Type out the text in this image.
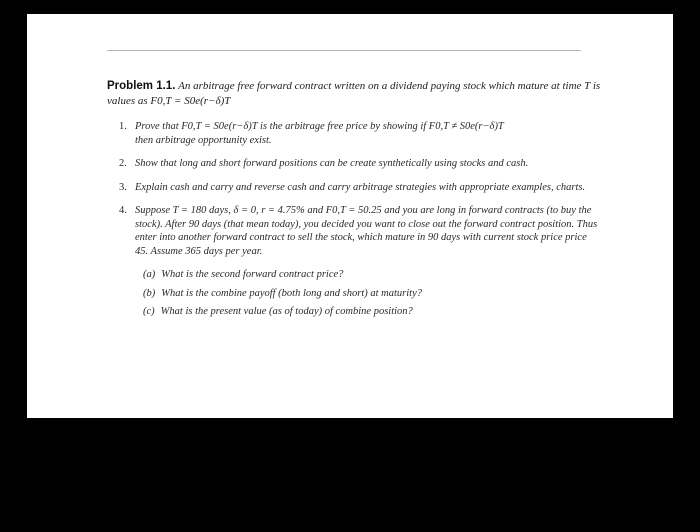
Problem 1.1. An arbitrage free forward contract written on a dividend paying stock which mature at time T is values as F0,T = S0e(r−δ)T
1. Prove that F0,T = S0e(r−δ)T is the arbitrage free price by showing if F0,T ≠ S0e(r−δ)T
then arbitrage opportunity exist.
2. Show that long and short forward positions can be create synthetically using stocks and cash.
3. Explain cash and carry and reverse cash and carry arbitrage strategies with appropriate examples, charts.
4. Suppose T = 180 days, δ = 0, r = 4.75% and F0,T = 50.25 and you are long in forward contracts (to buy the stock). After 90 days (that mean today), you decided you want to close out the forward contract position. Thus enter into another forward contract to sell the stock, which mature in 90 days with current stock price price 45. Assume 365 days per year.
(a) What is the second forward contract price?
(b) What is the combine payoff (both long and short) at maturity?
(c) What is the present value (as of today) of combine position?
